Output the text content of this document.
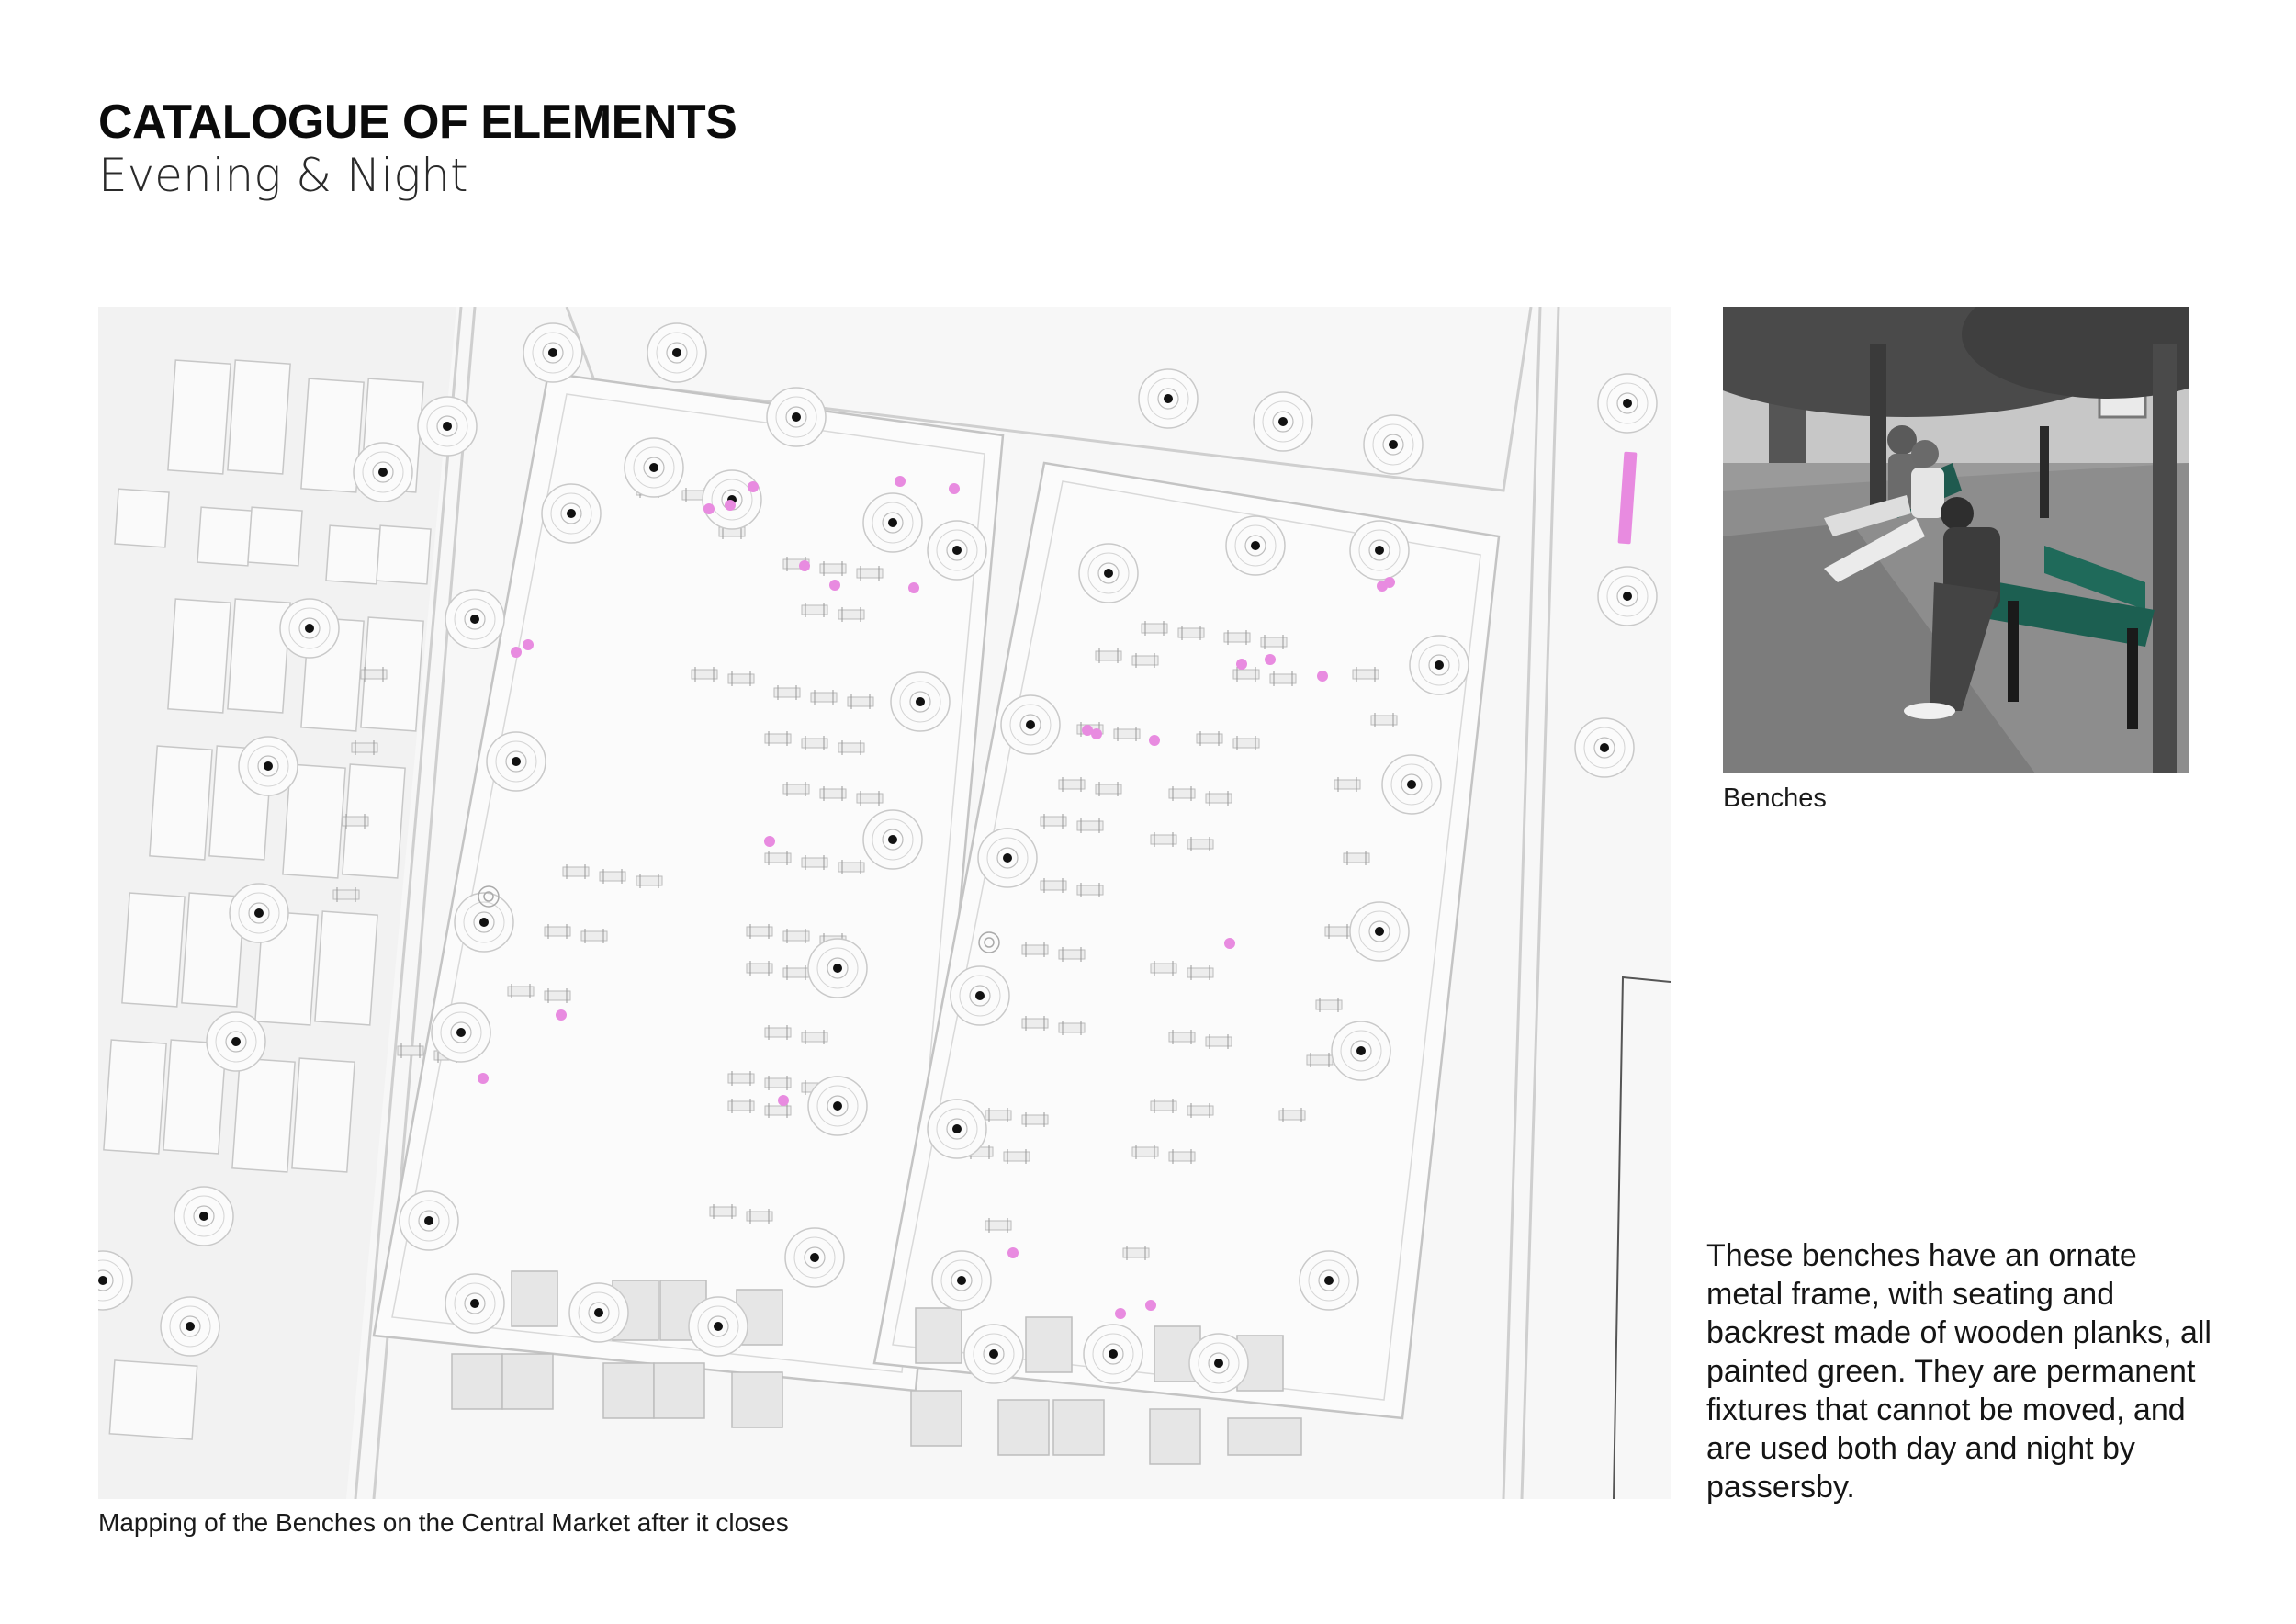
CATALOGUE OF ELEMENTS
Evening & Night
Mapping of the Benches on the Central Market after it closes
Benches

These benches have an ornate metal frame, with seating and backrest made of wooden planks, all painted green. They are permanent fixtures that cannot be moved, and are used both day and night by passersby.
